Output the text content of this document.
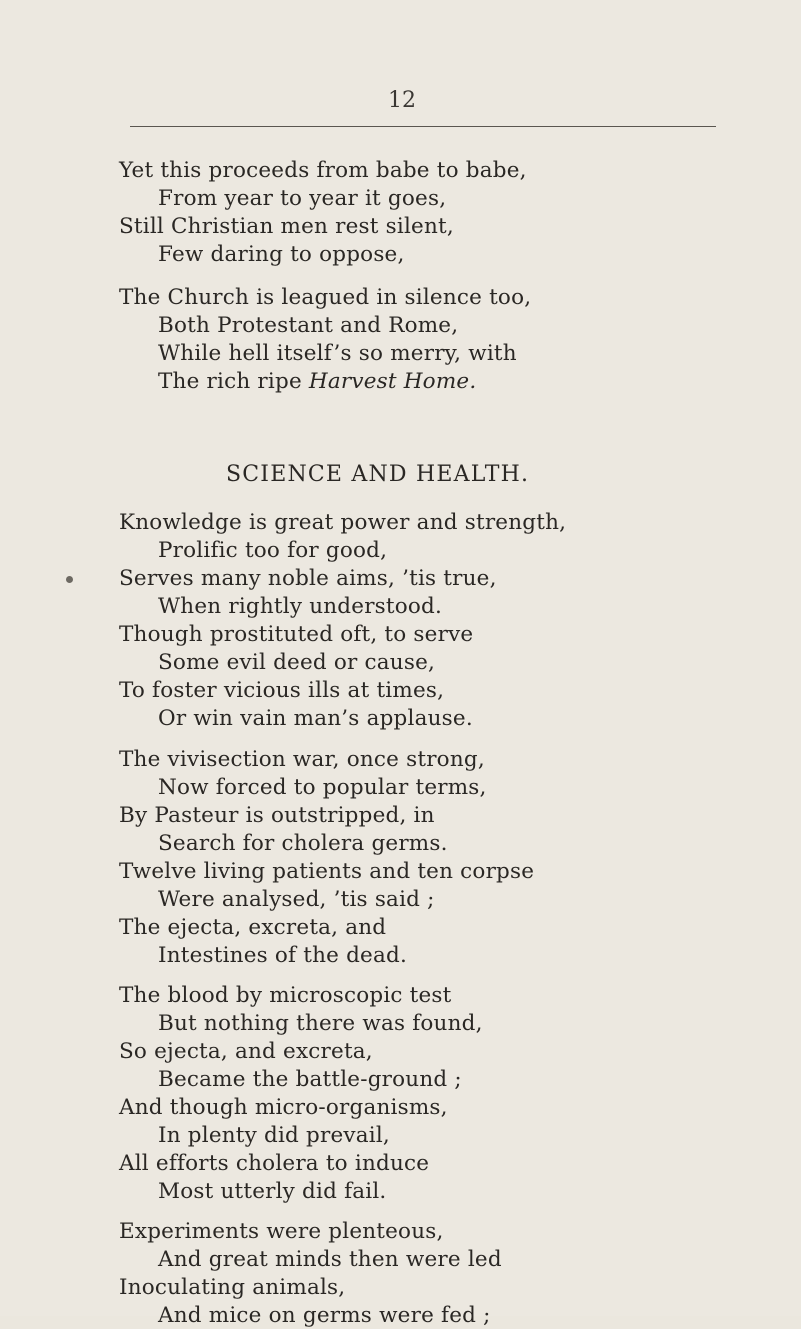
12
Yet this proceeds from babe to babe,
From year to year it goes,
Still Christian men rest silent,
Few daring to oppose,
The Church is leagued in silence too,
Both Protestant and Rome,
While hell itself’s so merry, with
The rich ripe Harvest Home.
SCIENCE AND HEALTH.
Knowledge is great power and strength,
Prolific too for good,
Serves many noble aims, ’tis true,
When rightly understood.
Though prostituted oft, to serve
Some evil deed or cause,
To foster vicious ills at times,
Or win vain man’s applause.
The vivisection war, once strong,
Now forced to popular terms,
By Pasteur is outstripped, in
Search for cholera germs.
Twelve living patients and ten corpse
Were analysed, ’tis said ;
The ejecta, excreta, and
Intestines of the dead.
The blood by microscopic test
But nothing there was found,
So ejecta, and excreta,
Became the battle-ground ;
And though micro-organisms,
In plenty did prevail,
All efforts cholera to induce
Most utterly did fail.
Experiments were plenteous,
And great minds then were led
Inoculating animals,
And mice on germs were fed ;
